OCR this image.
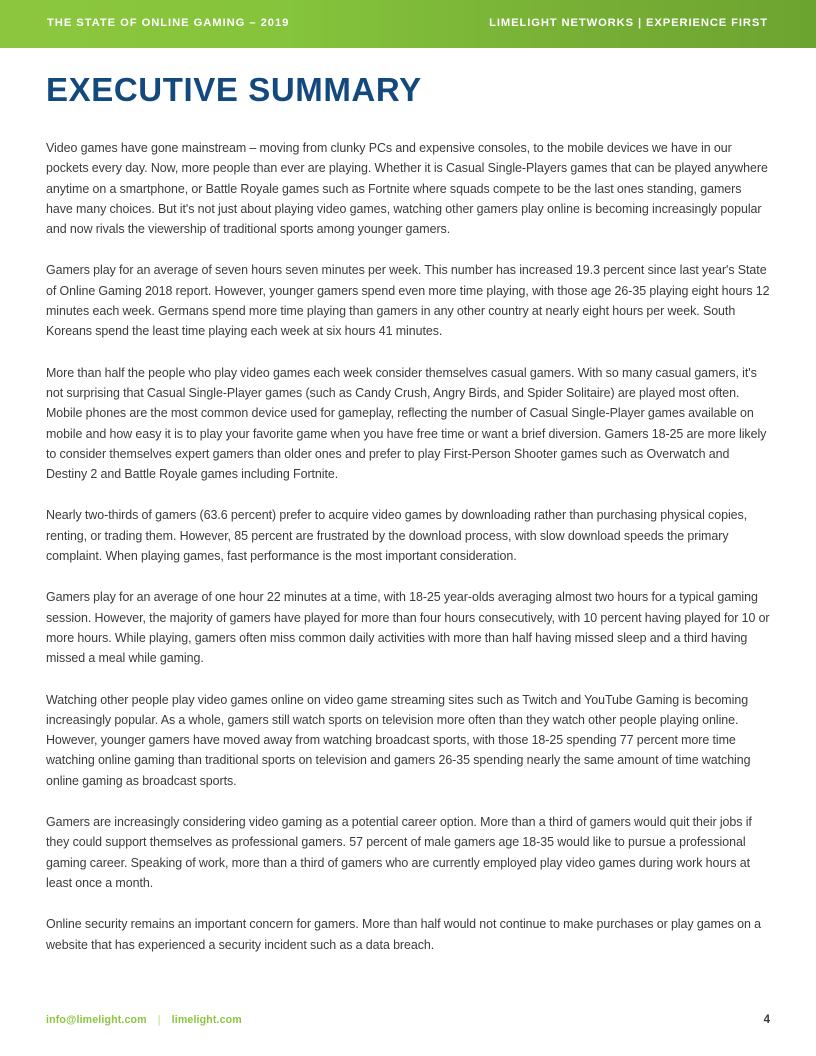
THE STATE OF ONLINE GAMING – 2019	LIMELIGHT NETWORKS | EXPERIENCE FIRST
EXECUTIVE SUMMARY

Video games have gone mainstream – moving from clunky PCs and expensive consoles, to the mobile devices we have in our pockets every day. Now, more people than ever are playing. Whether it is Casual Single-Players games that can be played anywhere anytime on a smartphone, or Battle Royale games such as Fortnite where squads compete to be the last ones standing, gamers have many choices. But it's not just about playing video games, watching other gamers play online is becoming increasingly popular and now rivals the viewership of traditional sports among younger gamers.

Gamers play for an average of seven hours seven minutes per week. This number has increased 19.3 percent since last year's State of Online Gaming 2018 report. However, younger gamers spend even more time playing, with those age 26-35 playing eight hours 12 minutes each week. Germans spend more time playing than gamers in any other country at nearly eight hours per week. South Koreans spend the least time playing each week at six hours 41 minutes.

More than half the people who play video games each week consider themselves casual gamers. With so many casual gamers, it's not surprising that Casual Single-Player games (such as Candy Crush, Angry Birds, and Spider Solitaire) are played most often. Mobile phones are the most common device used for gameplay, reflecting the number of Casual Single-Player games available on mobile and how easy it is to play your favorite game when you have free time or want a brief diversion. Gamers 18-25 are more likely to consider themselves expert gamers than older ones and prefer to play First-Person Shooter games such as Overwatch and Destiny 2 and Battle Royale games including Fortnite.

Nearly two-thirds of gamers (63.6 percent) prefer to acquire video games by downloading rather than purchasing physical copies, renting, or trading them. However, 85 percent are frustrated by the download process, with slow download speeds the primary complaint. When playing games, fast performance is the most important consideration.

Gamers play for an average of one hour 22 minutes at a time, with 18-25 year-olds averaging almost two hours for a typical gaming session. However, the majority of gamers have played for more than four hours consecutively, with 10 percent having played for 10 or more hours. While playing, gamers often miss common daily activities with more than half having missed sleep and a third having missed a meal while gaming.

Watching other people play video games online on video game streaming sites such as Twitch and YouTube Gaming is becoming increasingly popular. As a whole, gamers still watch sports on television more often than they watch other people playing online. However, younger gamers have moved away from watching broadcast sports, with those 18-25 spending 77 percent more time watching online gaming than traditional sports on television and gamers 26-35 spending nearly the same amount of time watching online gaming as broadcast sports.

Gamers are increasingly considering video gaming as a potential career option. More than a third of gamers would quit their jobs if they could support themselves as professional gamers. 57 percent of male gamers age 18-35 would like to pursue a professional gaming career. Speaking of work, more than a third of gamers who are currently employed play video games during work hours at least once a month.

Online security remains an important concern for gamers. More than half would not continue to make purchases or play games on a website that has experienced a security incident such as a data breach.

info@limelight.com | limelight.com	4
